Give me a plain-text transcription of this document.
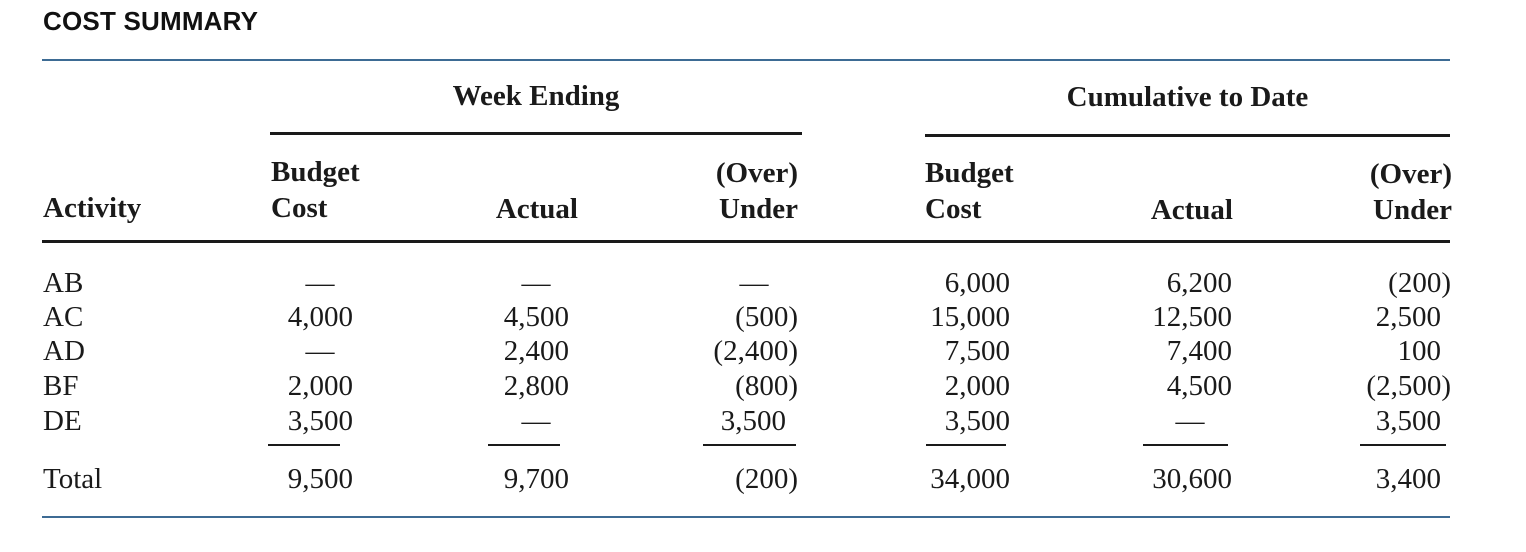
COST SUMMARY
Week Ending	Cumulative to Date
Activity
Budget
Cost	Actual
(Over)
Under
Budget
Cost	Actual
(Over)
Under
AB	—	—	—	6,000	6,200	(200)
AC	4,000	4,500	(500)	15,000	12,500	2,500
AD	—	2,400	(2,400)	7,500	7,400	100
BF	2,000	2,800	(800)	2,000	4,500	(2,500)
DE	3,500	—	3,500	3,500	—	3,500
Total	9,500	9,700	(200)	34,000	30,600	3,400
